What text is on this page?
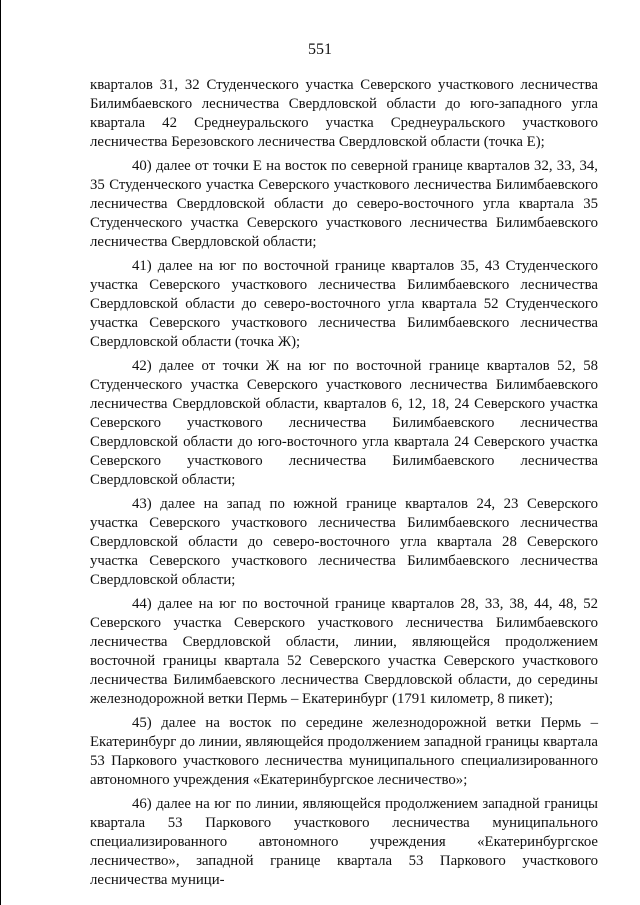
551

кварталов 31, 32 Студенческого участка Северского участкового лесничества Билимбаевского лесничества Свердловской области до юго-западного угла квартала 42 Среднеуральского участка Среднеуральского участкового лесничества Березовского лесничества Свердловской области (точка Е);

40) далее от точки Е на восток по северной границе кварталов 32, 33, 34, 35 Студенческого участка Северского участкового лесничества Билимбаевского лесничества Свердловской области до северо-восточного угла квартала 35 Студенческого участка Северского участкового лесничества Билимбаевского лесничества Свердловской области;

41) далее на юг по восточной границе кварталов 35, 43 Студенческого участка Северского участкового лесничества Билимбаевского лесничества Свердловской области до северо-восточного угла квартала 52 Студенческого участка Северского участкового лесничества Билимбаевского лесничества Свердловской области (точка Ж);

42) далее от точки Ж на юг по восточной границе кварталов 52, 58 Студенческого участка Северского участкового лесничества Билимбаевского лесничества Свердловской области, кварталов 6, 12, 18, 24 Северского участка Северского участкового лесничества Билимбаевского лесничества Свердловской области до юго-восточного угла квартала 24 Северского участка Северского участкового лесничества Билимбаевского лесничества Свердловской области;

43) далее на запад по южной границе кварталов 24, 23 Северского участка Северского участкового лесничества Билимбаевского лесничества Свердловской области до северо-восточного угла квартала 28 Северского участка Северского участкового лесничества Билимбаевского лесничества Свердловской области;

44) далее на юг по восточной границе кварталов 28, 33, 38, 44, 48, 52 Северского участка Северского участкового лесничества Билимбаевского лесничества Свердловской области, линии, являющейся продолжением восточной границы квартала 52 Северского участка Северского участкового лесничества Билимбаевского лесничества Свердловской области, до середины железнодорожной ветки Пермь – Екатеринбург (1791 километр, 8 пикет);

45) далее на восток по середине железнодорожной ветки Пермь – Екатеринбург до линии, являющейся продолжением западной границы квартала 53 Паркового участкового лесничества муниципального специализированного автономного учреждения «Екатеринбургское лесничество»;

46) далее на юг по линии, являющейся продолжением западной границы квартала 53 Паркового участкового лесничества муниципального специализированного автономного учреждения «Екатеринбургское лесничество», западной границе квартала 53 Паркового участкового лесничества муници-
